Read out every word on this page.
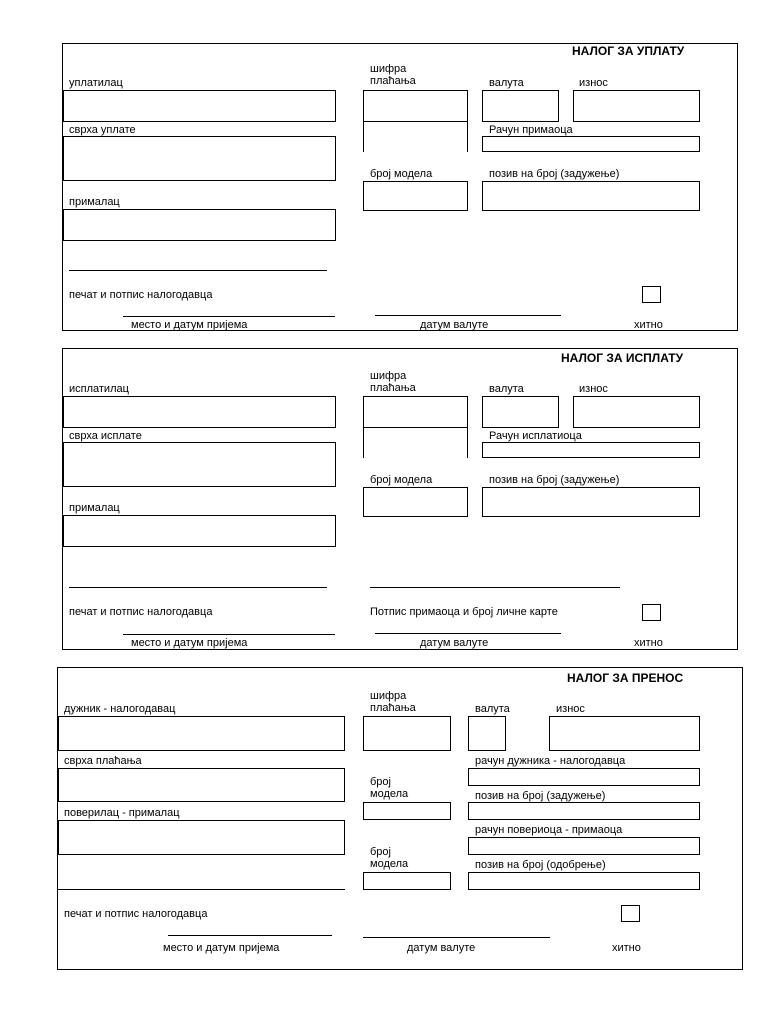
НАЛОГ ЗА УПЛАТУ
уплатилац
сврха уплате
прималац
печат и потпис налогодавца
шифра
плаћања	валута	износ
Рачун примаоца
број модела	позив на број (задужење)
место и датум пријема	датум валуте	хитно
НАЛОГ ЗА ИСПЛАТУ
исплатилац
сврха исплате
прималац
печат и потпис налогодавца	Потпис примаоца и број личне карте
шифра
плаћања	валута	износ
Рачун исплатиоца
број модела	позив на број (задужење)
место и датум пријема	датум валуте	хитно
НАЛОГ ЗА ПРЕНОС
дужник - налогодавац
сврха плаћања
поверилац - прималац
печат и потпис налогодавца
шифра
плаћања	валута	износ
рачун дужника - налогодавца
број
модела	позив на број (задужење)
рачун повериоца - примаоца
број
модела	позив на број (одобрење)
место и датум пријема	датум валуте	хитно
